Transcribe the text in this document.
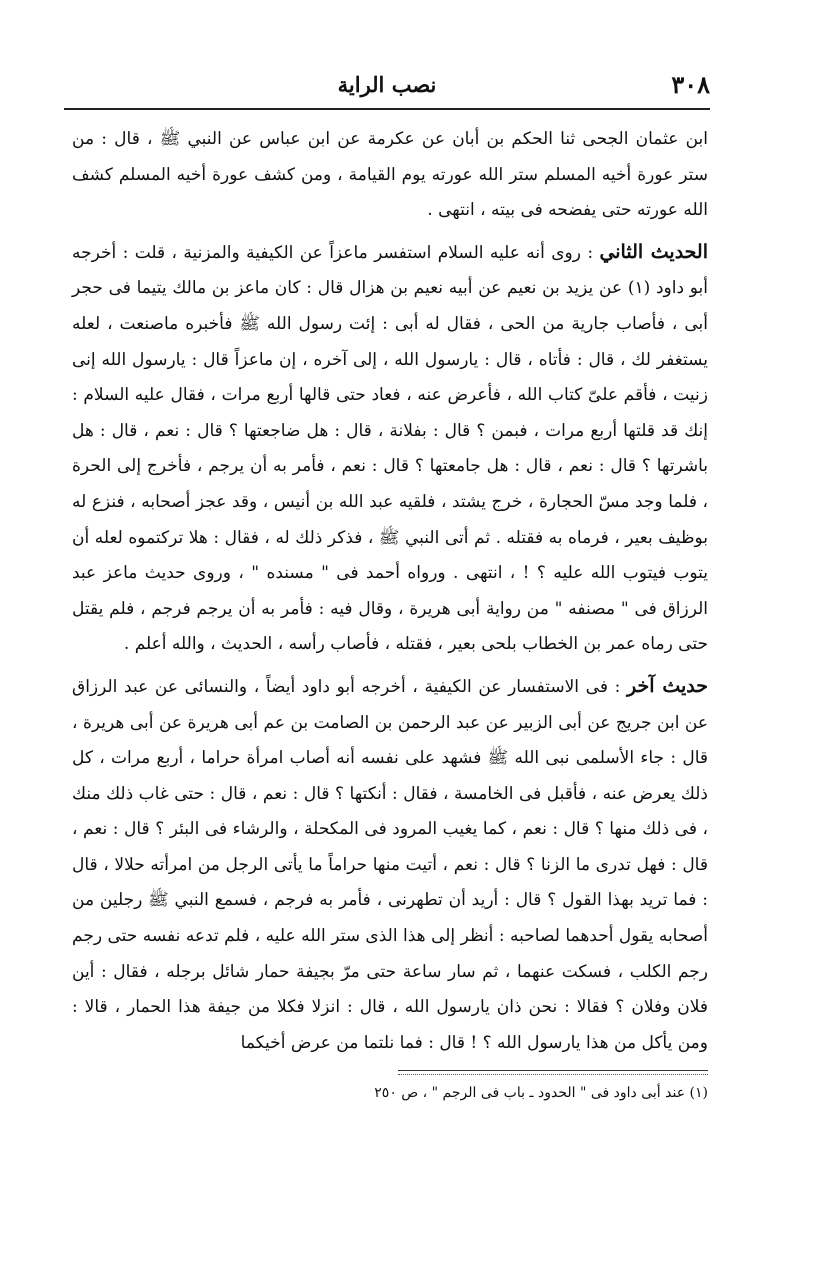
٣٠٨
نصب الراية

ابن عثمان الجحى ثنا الحكم بن أبان عن عكرمة عن ابن عباس عن النبي ﷺ ، قال : من ستر عورة أخيه المسلم ستر الله عورته يوم القيامة ، ومن كشف عورة أخيه المسلم كشف الله عورته حتى يفضحه فى بيته ، انتهى .

الحديث الثاني : روى أنه عليه السلام استفسر ماعزاً عن الكيفية والمزنية ، قلت : أخرجه أبو داود (١) عن يزيد بن نعيم عن أبيه نعيم بن هزال قال : كان ماعز بن مالك يتيما فى حجر أبى ، فأصاب جارية من الحى ، فقال له أبى : إئت رسول الله ﷺ فأخبره ماصنعت ، لعله يستغفر لك ، قال : فأتاه ، قال : يارسول الله ، إلى آخره ، إن ماعزاً قال : يارسول الله إنى زنيت ، فأقم علىّ كتاب الله ، فأعرض عنه ، فعاد حتى قالها أربع مرات ، فقال عليه السلام : إنك قد قلتها أربع مرات ، فبمن ؟ قال : بفلانة ، قال : هل ضاجعتها ؟ قال : نعم ، قال : هل باشرتها ؟ قال : نعم ، قال : هل جامعتها ؟ قال : نعم ، فأمر به أن يرجم ، فأخرج إلى الحرة ، فلما وجد مسّ الحجارة ، خرج يشتد ، فلقيه عبد الله بن أنيس ، وقد عجز أصحابه ، فنزع له بوظيف بعير ، فرماه به فقتله . ثم أتى النبي ﷺ ، فذكر ذلك له ، فقال : هلا تركتموه لعله أن يتوب فيتوب الله عليه ؟ ! ، انتهى . ورواه أحمد فى " مسنده " ، وروى حديث ماعز عبد الرزاق فى " مصنفه " من رواية أبى هريرة ، وقال فيه : فأمر به أن يرجم فرجم ، فلم يقتل حتى رماه عمر بن الخطاب بلحى بعير ، فقتله ، فأصاب رأسه ، الحديث ، والله أعلم .

حديث آخر : فى الاستفسار عن الكيفية ، أخرجه أبو داود أيضاً ، والنسائى عن عبد الرزاق عن ابن جريج عن أبى الزبير عن عبد الرحمن بن الصامت بن عم أبى هريرة عن أبى هريرة ، قال : جاء الأسلمى نبى الله ﷺ فشهد على نفسه أنه أصاب امرأة حراما ، أربع مرات ، كل ذلك يعرض عنه ، فأقبل فى الخامسة ، فقال : أنكتها ؟ قال : نعم ، قال : حتى غاب ذلك منك ، فى ذلك منها ؟ قال : نعم ، كما يغيب المرود فى المكحلة ، والرشاء فى البئر ؟ قال : نعم ، قال : فهل تدرى ما الزنا ؟ قال : نعم ، أتيت منها حراماً ما يأتى الرجل من امرأته حلالا ، قال : فما تريد بهذا القول ؟ قال : أريد أن تطهرنى ، فأمر به فرجم ، فسمع النبي ﷺ رجلين من أصحابه يقول أحدهما لصاحبه : أنظر إلى هذا الذى ستر الله عليه ، فلم تدعه نفسه حتى رجم رجم الكلب ، فسكت عنهما ، ثم سار ساعة حتى مرّ بجيفة حمار شائل برجله ، فقال : أين فلان وفلان ؟ فقالا : نحن ذان يارسول الله ، قال : انزلا فكلا من جيفة هذا الحمار ، قالا : ومن يأكل من هذا يارسول الله ؟ ! قال : فما نلتما من عرض أخيكما

(١) عند أبى داود فى " الحدود ـ باب فى الرجم " ، ص ٢٥٠
